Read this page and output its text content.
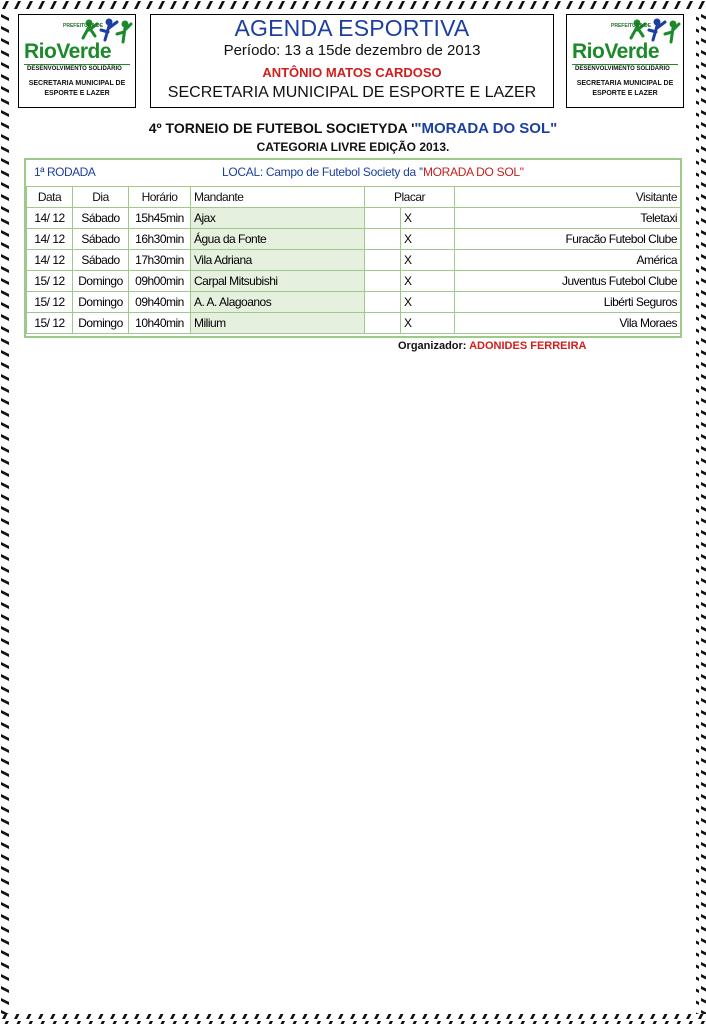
PREFEITURA DE
RioVerde
DESENVOLVIMENTO SOLIDÁRIO
SECRETARIA MUNICIPAL DE
ESPORTE E LAZER
AGENDA ESPORTIVA
Período: 13 a 15de dezembro de 2013
ANTÔNIO MATOS CARDOSO
SECRETARIA MUNICIPAL DE ESPORTE E LAZER
PREFEITURA DE
RioVerde
DESENVOLVIMENTO SOLIDÁRIO
SECRETARIA MUNICIPAL DE
ESPORTE E LAZER
4º TORNEIO DE FUTEBOL SOCIETYDA '"MORADA DO SOL"
CATEGORIA LIVRE EDIÇÃO 2013.
1ª RODADA	LOCAL: Campo de Futebol Society da ''MORADA DO SOL"
Data	Dia	Horário	Mandante	Placar		Visitante
14/ 12	Sábado	15h45min	Ajax		X	Teletaxi
14/ 12	Sábado	16h30min	Água da Fonte		X	Furacão Futebol Clube
14/ 12	Sábado	17h30min	Vila Adriana		X	América
15/ 12	Domingo	09h00min	Carpal Mitsubishi		X	Juventus Futebol Clube
15/ 12	Domingo	09h40min	A. A. Alagoanos		X	Libérti Seguros
15/ 12	Domingo	10h40min	Milium		X	Vila Moraes
Organizador: ADONIDES FERREIRA
